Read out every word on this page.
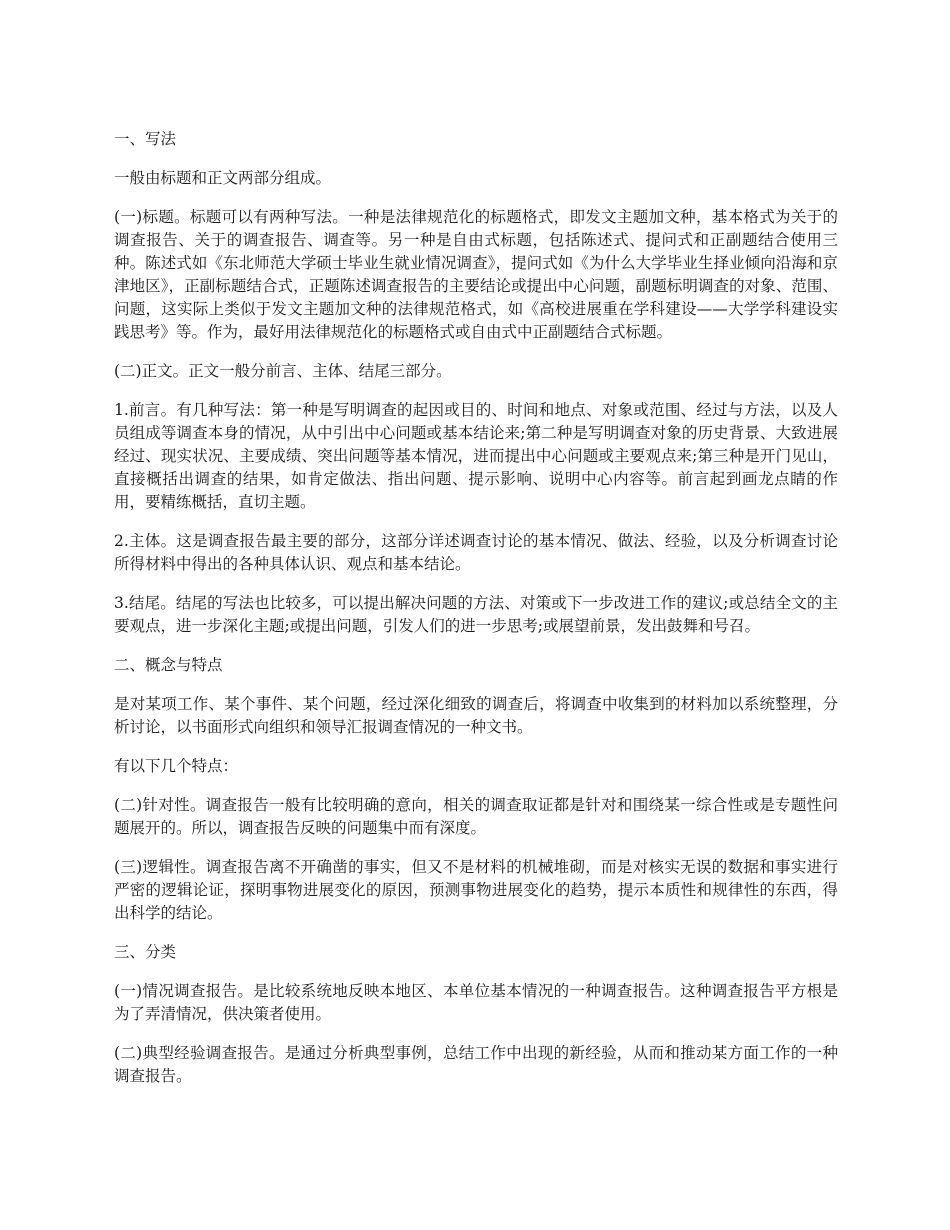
一、写法

一般由标题和正文两部分组成。

(一)标题。标题可以有两种写法。一种是法律规范化的标题格式，即发文主题加文种，基本格式为关于的调查报告、关于的调查报告、调查等。另一种是自由式标题，包括陈述式、提问式和正副题结合使用三种。陈述式如《东北师范大学硕士毕业生就业情况调查》，提问式如《为什么大学毕业生择业倾向沿海和京津地区》，正副标题结合式，正题陈述调查报告的主要结论或提出中心问题，副题标明调查的对象、范围、问题，这实际上类似于发文主题加文种的法律规范格式，如《高校进展重在学科建设——大学学科建设实践思考》等。作为，最好用法律规范化的标题格式或自由式中正副题结合式标题。

(二)正文。正文一般分前言、主体、结尾三部分。

1.前言。有几种写法：第一种是写明调查的起因或目的、时间和地点、对象或范围、经过与方法，以及人员组成等调查本身的情况，从中引出中心问题或基本结论来;第二种是写明调查对象的历史背景、大致进展经过、现实状况、主要成绩、突出问题等基本情况，进而提出中心问题或主要观点来;第三种是开门见山，直接概括出调查的结果，如肯定做法、指出问题、提示影响、说明中心内容等。前言起到画龙点睛的作用，要精练概括，直切主题。

2.主体。这是调查报告最主要的部分，这部分详述调查讨论的基本情况、做法、经验，以及分析调查讨论所得材料中得出的各种具体认识、观点和基本结论。

3.结尾。结尾的写法也比较多，可以提出解决问题的方法、对策或下一步改进工作的建议;或总结全文的主要观点，进一步深化主题;或提出问题，引发人们的进一步思考;或展望前景，发出鼓舞和号召。

二、概念与特点

是对某项工作、某个事件、某个问题，经过深化细致的调查后，将调查中收集到的材料加以系统整理，分析讨论，以书面形式向组织和领导汇报调查情况的一种文书。

有以下几个特点：

(二)针对性。调查报告一般有比较明确的意向，相关的调查取证都是针对和围绕某一综合性或是专题性问题展开的。所以，调查报告反映的问题集中而有深度。

(三)逻辑性。调查报告离不开确凿的事实，但又不是材料的机械堆砌，而是对核实无误的数据和事实进行严密的逻辑论证，探明事物进展变化的原因，预测事物进展变化的趋势，提示本质性和规律性的东西，得出科学的结论。

三、分类

(一)情况调查报告。是比较系统地反映本地区、本单位基本情况的一种调查报告。这种调查报告平方根是为了弄清情况，供决策者使用。

(二)典型经验调查报告。是通过分析典型事例，总结工作中出现的新经验，从而和推动某方面工作的一种调查报告。
